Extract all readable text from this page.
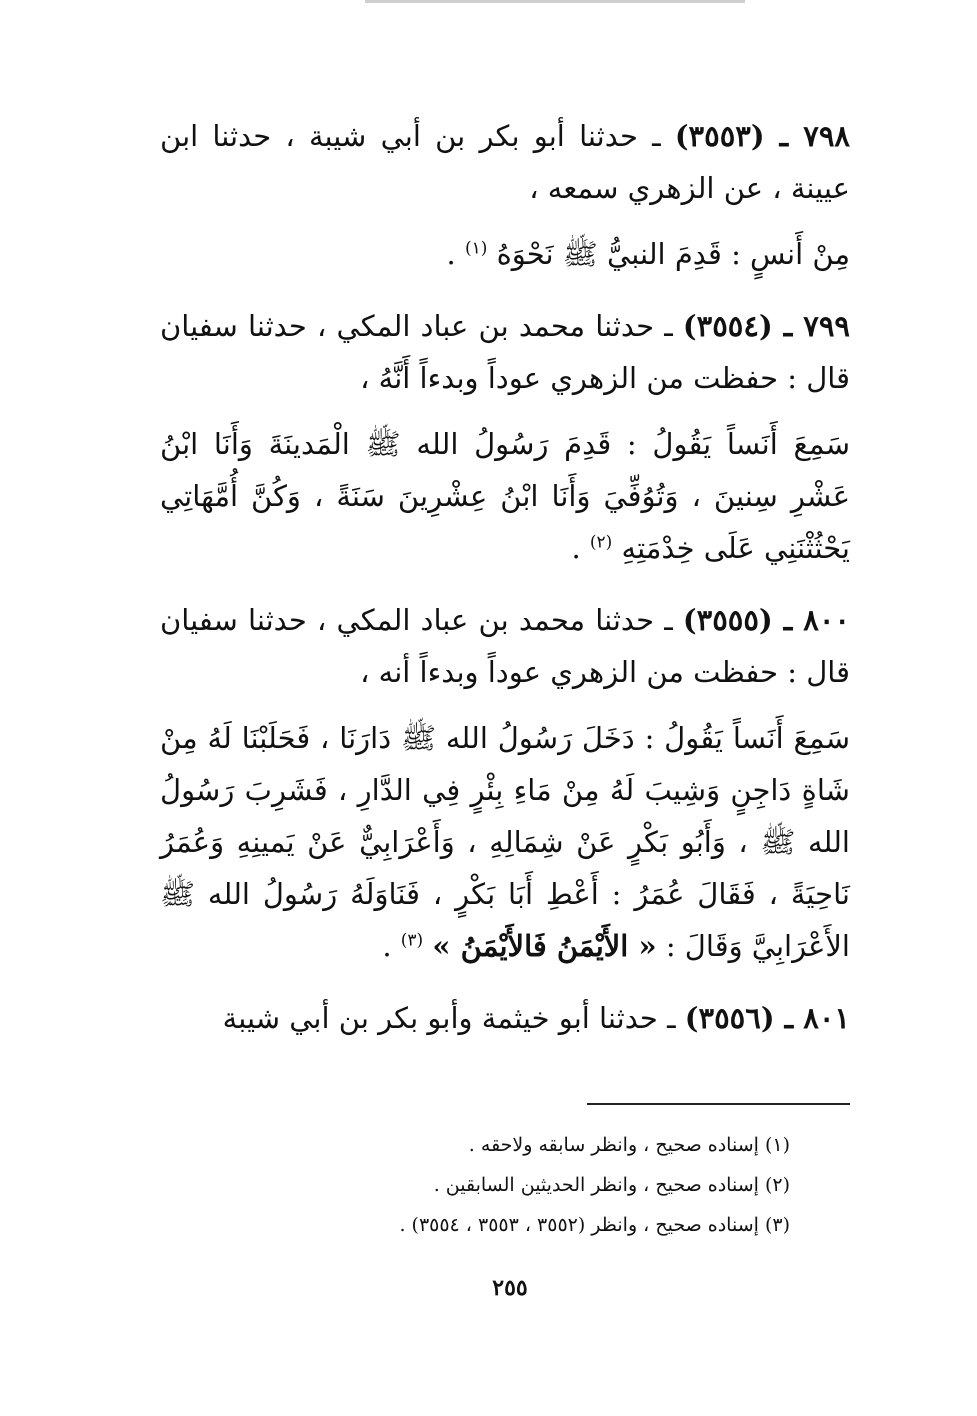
٧٩٨ ـ (٣٥٥٣) ـ حدثنا أبو بكر بن أبي شيبة ، حدثنا ابن عيينة ، عن الزهري سمعه ،

مِنْ أَنسٍ : قَدِمَ النبيُّ ﷺ نَحْوَهُ $^{(١)}$ .

٧٩٩ ـ (٣٥٥٤) ـ حدثنا محمد بن عباد المكي ، حدثنا سفيان قال : حفظت من الزهري عوداً وبدءاً أَنَّهُ ،

سَمِعَ أَنَساً يَقُولُ : قَدِمَ رَسُولُ الله ﷺ الْمَدينَةَ وَأَنَا ابْنُ عَشْرِ سِنينَ ، وَتُوُفِّيَ وَأَنَا ابْنُ عِشْرِينَ سَنَةً ، وَكُنَّ أُمَّهَاتِي يَحْثُثْنَنِي عَلَى خِدْمَتِهِ $^{(٢)}$ .

٨٠٠ ـ (٣٥٥٥) ـ حدثنا محمد بن عباد المكي ، حدثنا سفيان قال : حفظت من الزهري عوداً وبدءاً أنه ،

سَمِعَ أَنَساً يَقُولُ : دَخَلَ رَسُولُ الله ﷺ دَارَنَا ، فَحَلَبْنَا لَهُ مِنْ شَاةٍ دَاجِنٍ وَشِيبَ لَهُ مِنْ مَاءِ بِئْرٍ فِي الدَّارِ ، فَشَرِبَ رَسُولُ الله ﷺ ، وَأَبُو بَكْرٍ عَنْ شِمَالِهِ ، وَأَعْرَابِيٌّ عَنْ يَمينِهِ وَعُمَرُ نَاحِيَةً ، فَقَالَ عُمَرُ : أَعْطِ أَبَا بَكْرٍ ، فَنَاوَلَهُ رَسُولُ الله ﷺ الأَعْرَابِيَّ وَقَالَ : « الأَيْمَنُ فَالأَيْمَنُ » $^{(٣)}$ .

٨٠١ ـ (٣٥٥٦) ـ حدثنا أبو خيثمة وأبو بكر بن أبي شيبة

(١) إسناده صحيح ، وانظر سابقه ولاحقه .
(٢) إسناده صحيح ، وانظر الحديثين السابقين .
(٣) إسناده صحيح ، وانظر (٣٥٥٢ ، ٣٥٥٣ ، ٣٥٥٤) .
٢٥٥
